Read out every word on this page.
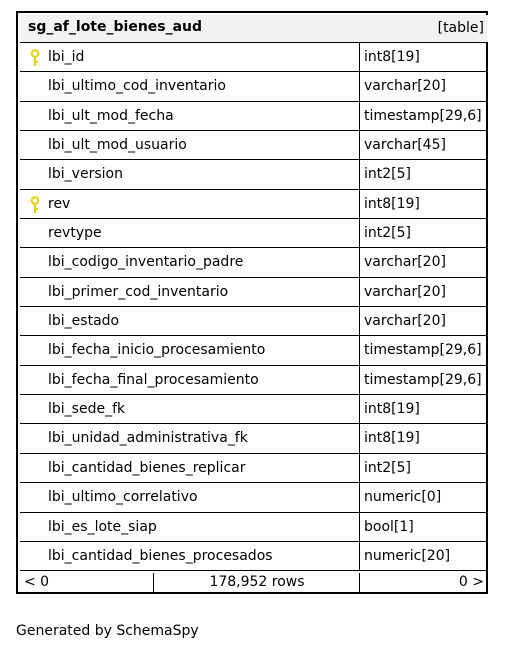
sg_af_lote_bienes_aud	[table]
lbi_id	int8[19]
lbi_ultimo_cod_inventario	varchar[20]
lbi_ult_mod_fecha	timestamp[29,6]
lbi_ult_mod_usuario	varchar[45]
lbi_version	int2[5]
rev	int8[19]
revtype	int2[5]
lbi_codigo_inventario_padre	varchar[20]
lbi_primer_cod_inventario	varchar[20]
lbi_estado	varchar[20]
lbi_fecha_inicio_procesamiento	timestamp[29,6]
lbi_fecha_final_procesamiento	timestamp[29,6]
lbi_sede_fk	int8[19]
lbi_unidad_administrativa_fk	int8[19]
lbi_cantidad_bienes_replicar	int2[5]
lbi_ultimo_correlativo	numeric[0]
lbi_es_lote_siap	bool[1]
lbi_cantidad_bienes_procesados	numeric[20]
< 0	178,952 rows	0 >
Generated by SchemaSpy
